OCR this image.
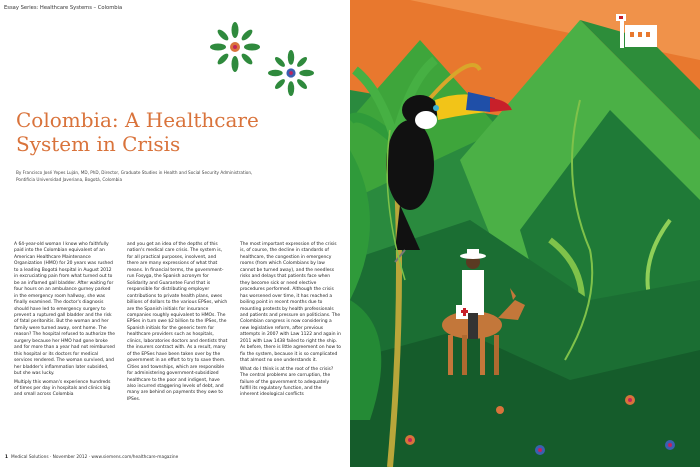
Essay Series: Healthcare Systems – Colombia
Colombia: A Healthcare
System in Crisis
By Francisco José Yepes Luján, MD, PhD, Director, Graduate Studies in Health and Social Security Administration,
Pontificia Universidad Javeriana, Bogotá, Colombia

A 64-year-old woman I know who faithfully paid into the Colombian equivalent of an American Healthcare Maintenance Organization (HMO) for 20 years was rushed to a leading Bogotá hospital in August 2012 in excruciating pain from what turned out to be an inflamed gall bladder. After waiting for four hours on an ambulance gurney parked in the emergency room hallway, she was finally examined. The doctor's diagnosis should have led to emergency surgery to prevent a ruptured gall bladder and the risk of fatal peritonitis. But the woman and her family were turned away, sent home. The reason? The hospital refused to authorize the surgery because her HMO had gone broke and for more than a year had not reimbursed this hospital or its doctors for medical services rendered. The woman survived, and her bladder's inflammation later subsided, but she was lucky.

Multiply this woman's experience hundreds of times per day in hospitals and clinics big and small across Colombia

and you get an idea of the depths of this nation's medical care crisis. The system is, for all practical purposes, insolvent, and there are many expressions of what that means. In financial terms, the government-run Fosyga, the Spanish acronym for Solidarity and Guarantee Fund that is responsible for distributing employer contributions to private health plans, owes billions of dollars to the various EPSes, which are the Spanish initials for insurance companies roughly equivalent to HMOs. The EPSes in turn owe $2 billion to the IPSes, the Spanish initials for the generic term for healthcare providers such as hospitals, clinics, laboratories doctors and dentists that the insurers contract with. As a result, many of the EPSes have been taken over by the government in an effort to try to save them. Cities and townships, which are responsible for administering government-subsidized healthcare to the poor and indigent, have also incurred staggering levels of debt, and many are behind on payments they owe to IPSes.

The most important expression of the crisis is, of course, the decline in standards of healthcare, the congestion in emergency rooms (from which Colombians by law cannot be turned away), and the needless risks and delays that patients face when they become sick or need elective procedures performed. Although the crisis has worsened over time, it has reached a boiling point in recent months due to mounting protests by health professionals and patients and pressure on politicians. The Colombian congress is now considering a new legislative reform, after previous attempts in 2007 with Law 1122 and again in 2011 with Law 1438 failed to right the ship. As before, there is little agreement on how to fix the system, because it is so complicated that almost no one understands it.

What do I think is at the root of the crisis? The central problems are corruption, the failure of the government to adequately fulfill its regulatory function, and the inherent ideological conflicts

1 Medical Solutions · November 2012 · www.siemens.com/healthcare-magazine
